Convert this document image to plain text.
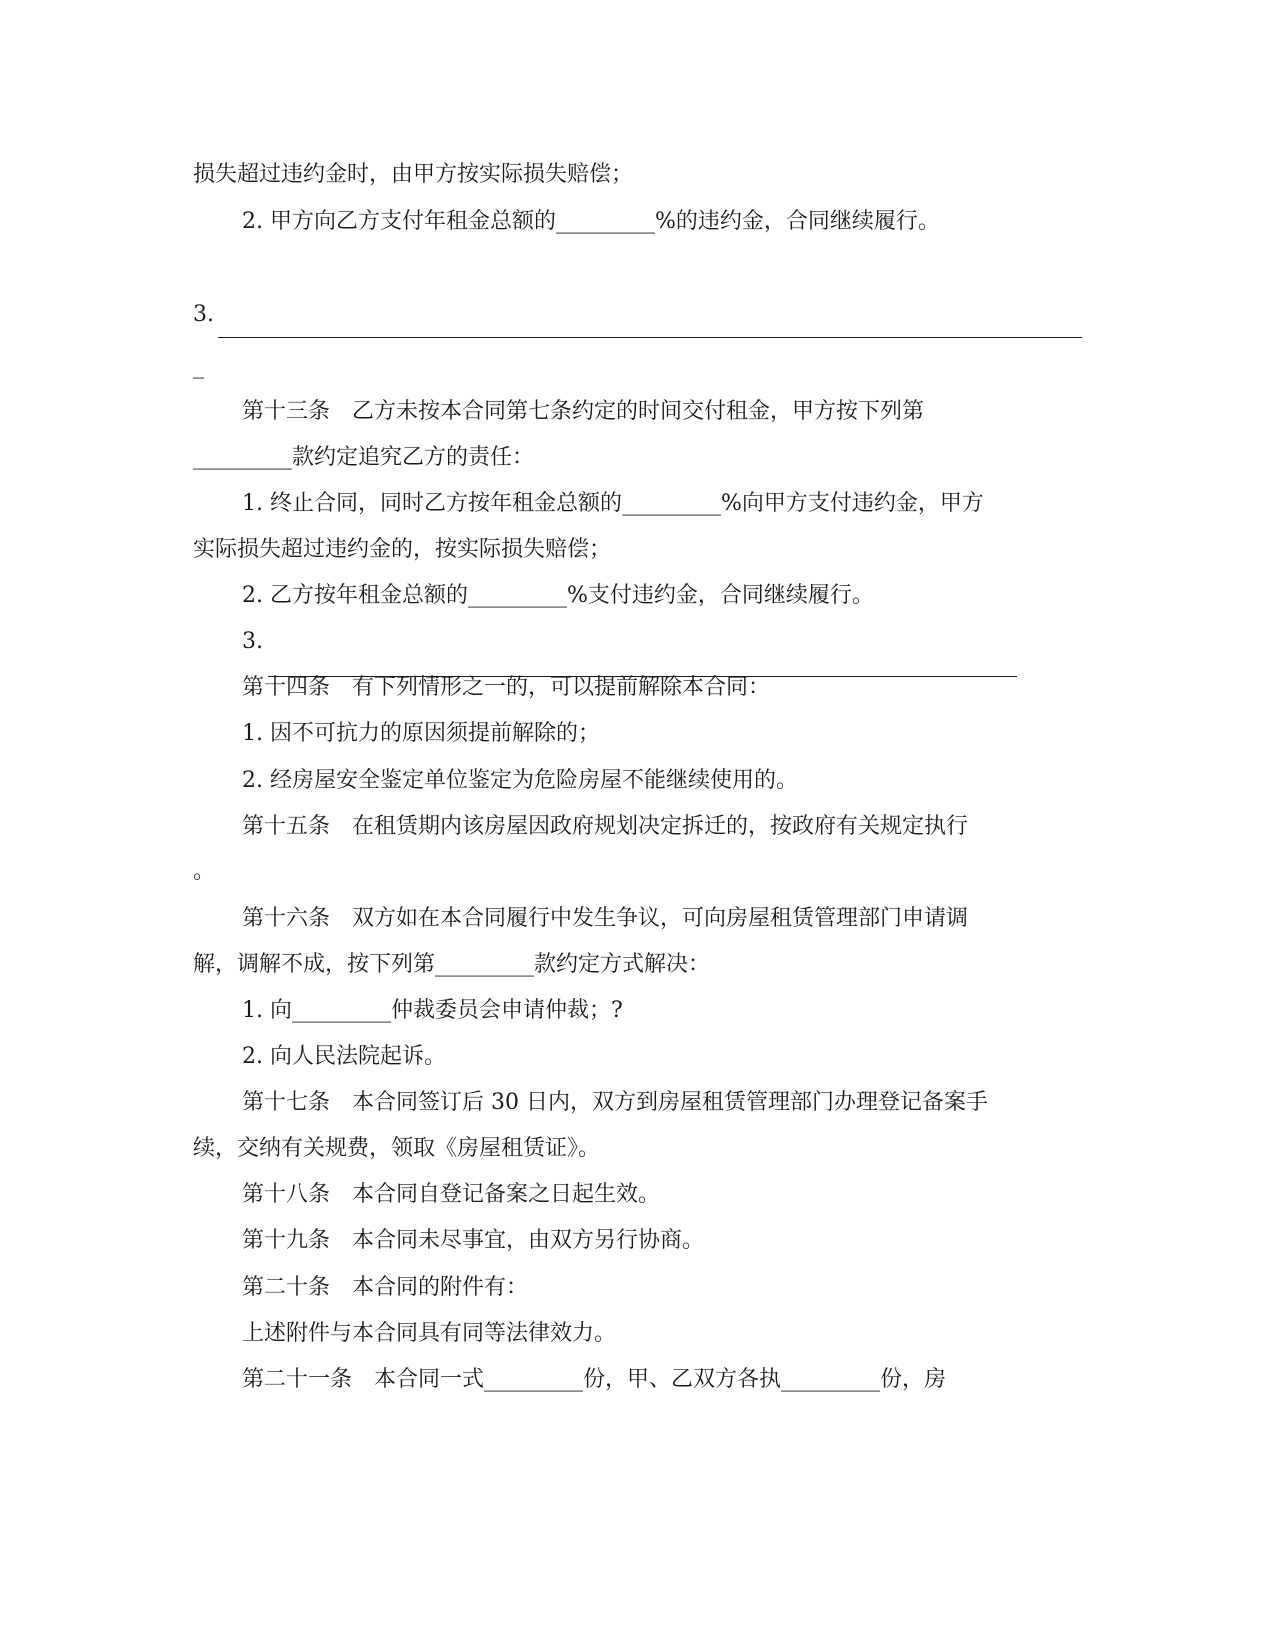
损失超过违约金时，由甲方按实际损失赔偿；
2. 甲方向乙方支付年租金总额的_________%的违约金，合同继续履行。
3.
_
第十三条　乙方未按本合同第七条约定的时间交付租金，甲方按下列第
_________款约定追究乙方的责任：
1. 终止合同，同时乙方按年租金总额的_________%向甲方支付违约金，甲方
实际损失超过违约金的，按实际损失赔偿；
2. 乙方按年租金总额的_________%支付违约金，合同继续履行。
3.
第十四条　有下列情形之一的，可以提前解除本合同：
1. 因不可抗力的原因须提前解除的；
2. 经房屋安全鉴定单位鉴定为危险房屋不能继续使用的。
第十五条　在租赁期内该房屋因政府规划决定拆迁的，按政府有关规定执行
。
第十六条　双方如在本合同履行中发生争议，可向房屋租赁管理部门申请调
解，调解不成，按下列第_________款约定方式解决：
1. 向_________仲裁委员会申请仲裁；?
2. 向人民法院起诉。
第十七条　本合同签订后 30 日内，双方到房屋租赁管理部门办理登记备案手
续，交纳有关规费，领取《房屋租赁证》。
第十八条　本合同自登记备案之日起生效。
第十九条　本合同未尽事宜，由双方另行协商。
第二十条　本合同的附件有：
上述附件与本合同具有同等法律效力。
第二十一条　本合同一式_________份，甲、乙双方各执_________份，房
